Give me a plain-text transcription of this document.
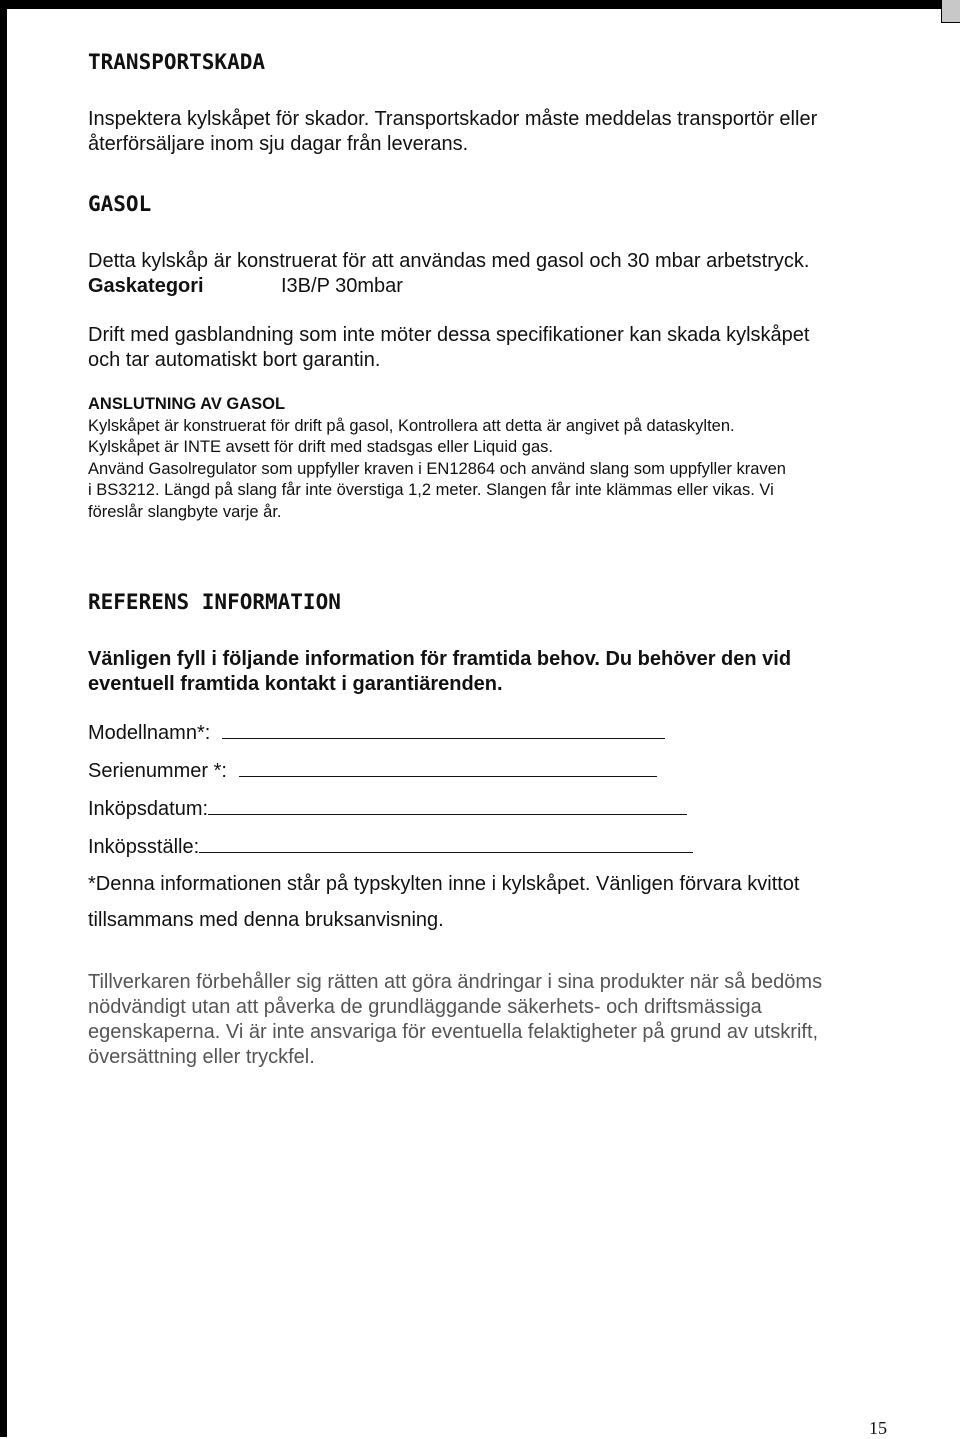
TRANSPORTSKADA
Inspektera kylskåpet för skador. Transportskador måste meddelas transportör eller
återförsäljare inom sju dagar från leverans.
GASOL
Detta kylskåp är konstruerat för att användas med gasol och 30 mbar arbetstryck.
Gaskategori	I3B/P 30mbar
Drift med gasblandning som inte möter dessa specifikationer kan skada kylskåpet
och tar automatiskt bort garantin.
ANSLUTNING AV GASOL
Kylskåpet är konstruerat för drift på gasol, Kontrollera att detta är angivet på dataskylten.
Kylskåpet är INTE avsett för drift med stadsgas eller Liquid gas.
Använd Gasolregulator som uppfyller kraven i EN12864 och använd slang som uppfyller kraven
i BS3212. Längd på slang får inte överstiga 1,2 meter. Slangen får inte klämmas eller vikas. Vi
föreslår slangbyte varje år.
REFERENS INFORMATION
Vänligen fyll i följande information för framtida behov. Du behöver den vid
eventuell framtida kontakt i garantiärenden.
Modellnamn*:
Serienummer *:
Inköpsdatum:
Inköpsställe:
*Denna informationen står på typskylten inne i kylskåpet. Vänligen förvara kvittot
tillsammans med denna bruksanvisning.
Tillverkaren förbehåller sig rätten att göra ändringar i sina produkter när så bedöms
nödvändigt utan att påverka de grundläggande säkerhets- och driftsmässiga
egenskaperna. Vi är inte ansvariga för eventuella felaktigheter på grund av utskrift,
översättning eller tryckfel.
15
